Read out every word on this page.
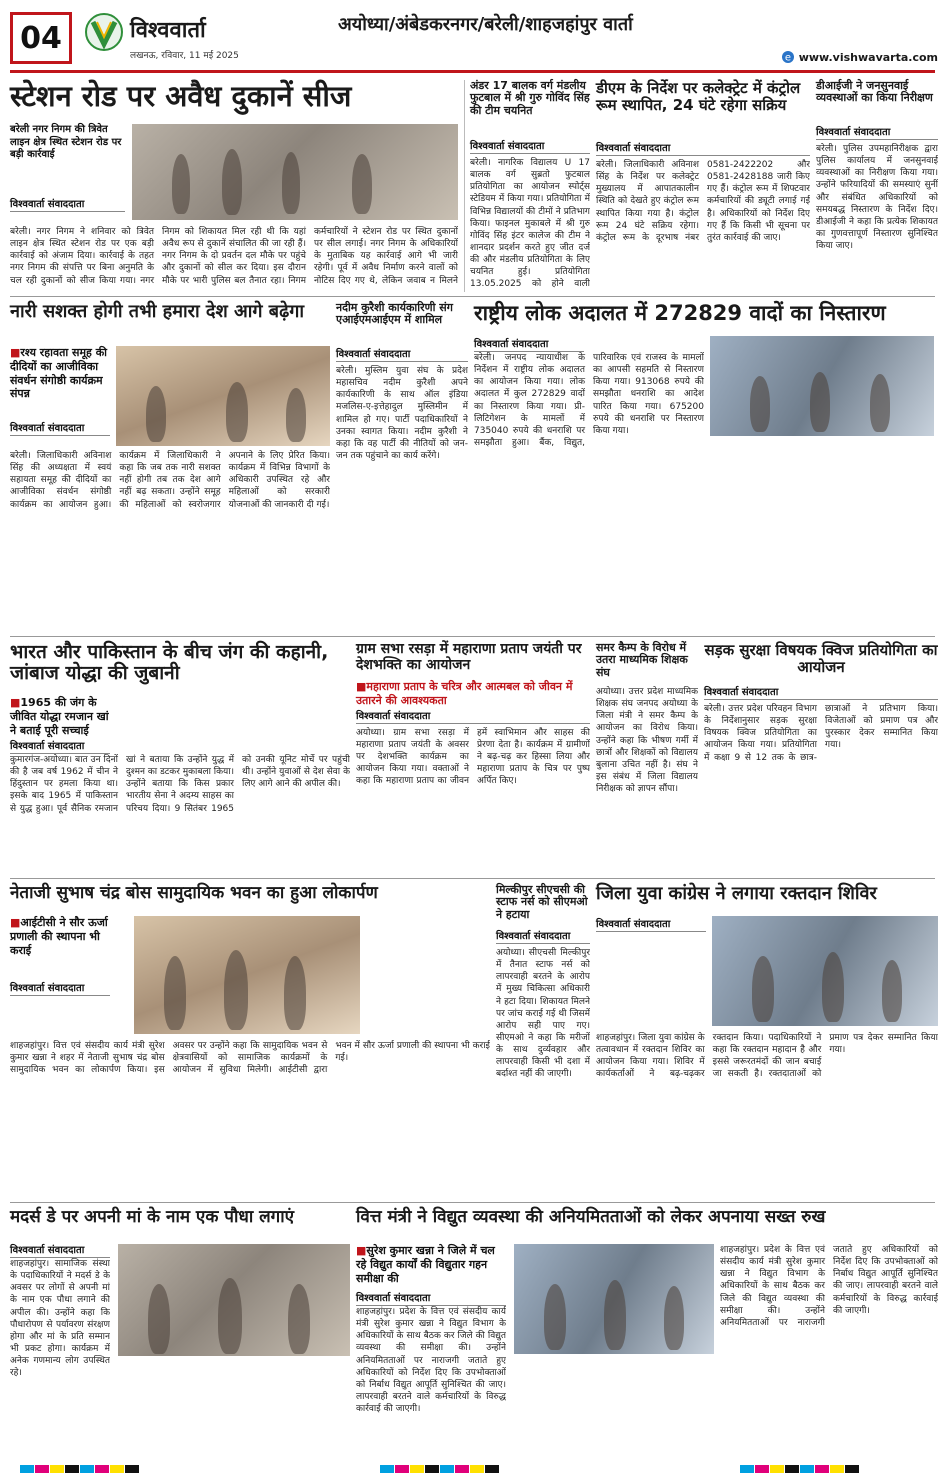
04	विश्ववार्ता
लखनऊ, रविवार, 11 मई 2025
अयोध्या/अंबेडकरनगर/बरेली/शाहजहांपुर वार्ता
e www.vishwavarta.com
स्टेशन रोड पर अवैध दुकानें सीज
बरेली नगर निगम की त्रिवेत लाइन क्षेत्र स्थित स्टेशन रोड पर बड़ी कार्रवाई
विश्ववार्ता संवाददाता
बरेली। नगर निगम ने शनिवार को त्रिवेत लाइन क्षेत्र स्थित स्टेशन रोड पर एक बड़ी कार्रवाई को अंजाम दिया। कार्रवाई के तहत नगर निगम की संपत्ति पर बिना अनुमति के चल रही दुकानों को सीज किया गया। नगर निगम को शिकायत मिल रही थी कि यहां अवैध रूप से दुकानें संचालित की जा रही हैं। नगर निगम के दो प्रवर्तन दल मौके पर पहुंचे और दुकानों को सील कर दिया। इस दौरान मौके पर भारी पुलिस बल तैनात रहा। निगम कर्मचारियों ने स्टेशन रोड पर स्थित दुकानों पर सील लगाई। नगर निगम के अधिकारियों के मुताबिक यह कार्रवाई आगे भी जारी रहेगी। पूर्व में अवैध निर्माण करने वालों को नोटिस दिए गए थे, लेकिन जवाब न मिलने
अंडर 17 बालक वर्ग मंडलीय फुटबाल में श्री गुरु गोविंद सिंह की टीम चयनित
विश्ववार्ता संवाददाता
बरेली। नागरिक विद्यालय U 17 बालक वर्ग सुब्रतो फुटबाल प्रतियोगिता का आयोजन स्पोर्ट्स स्टेडियम में किया गया। प्रतियोगिता में विभिन्न विद्यालयों की टीमों ने प्रतिभाग किया। फाइनल मुकाबले में श्री गुरु गोविंद सिंह इंटर कालेज की टीम ने शानदार प्रदर्शन करते हुए जीत दर्ज की और मंडलीय प्रतियोगिता के लिए चयनित हुई। प्रतियोगिता 13.05.2025 को होने वाली
डीएम के निर्देश पर कलेक्ट्रेट में कंट्रोल रूम स्थापित, 24 घंटे रहेगा सक्रिय
विश्ववार्ता संवाददाता
बरेली। जिलाधिकारी अविनाश सिंह के निर्देश पर कलेक्ट्रेट मुख्यालय में आपातकालीन स्थिति को देखते हुए कंट्रोल रूम स्थापित किया गया है। कंट्रोल रूम 24 घंटे सक्रिय रहेगा। कंट्रोल रूम के दूरभाष नंबर 0581-2422202 और 0581-2428188 जारी किए गए हैं। कंट्रोल रूम में शिफ्टवार कर्मचारियों की ड्यूटी लगाई गई है। अधिकारियों को निर्देश दिए गए हैं कि किसी भी सूचना पर तुरंत कार्रवाई की जाए।
डीआईजी ने जनसुनवाई व्यवस्थाओं का किया निरीक्षण
विश्ववार्ता संवाददाता
बरेली। पुलिस उपमहानिरीक्षक द्वारा पुलिस कार्यालय में जनसुनवाई व्यवस्थाओं का निरीक्षण किया गया। उन्होंने फरियादियों की समस्याएं सुनीं और संबंधित अधिकारियों को समयबद्ध निस्तारण के निर्देश दिए। डीआईजी ने कहा कि प्रत्येक शिकायत का गुणवत्तापूर्ण निस्तारण सुनिश्चित किया जाए।
नारी सशक्त होगी तभी हमारा देश आगे बढ़ेगा
■ रश्य रहावता समूह की दीदियों का आजीविका संवर्धन संगोष्ठी कार्यक्रम संपन्न
विश्ववार्ता संवाददाता
बरेली। जिलाधिकारी अविनाश सिंह की अध्यक्षता में स्वयं सहायता समूह की दीदियों का आजीविका संवर्धन संगोष्ठी कार्यक्रम का आयोजन हुआ। कार्यक्रम में जिलाधिकारी ने कहा कि जब तक नारी सशक्त नहीं होगी तब तक देश आगे नहीं बढ़ सकता। उन्होंने समूह की महिलाओं को स्वरोजगार अपनाने के लिए प्रेरित किया। कार्यक्रम में विभिन्न विभागों के अधिकारी उपस्थित रहे और महिलाओं को सरकारी योजनाओं की जानकारी दी गई।
नदीम कुरैशी कार्यकारिणी संग एआईएमआईएम में शामिल
विश्ववार्ता संवाददाता
बरेली। मुस्लिम युवा संघ के प्रदेश महासचिव नदीम कुरैशी अपने कार्यकारिणी के साथ ऑल इंडिया मजलिस-ए-इत्तेहादुल मुस्लिमीन में शामिल हो गए। पार्टी पदाधिकारियों ने उनका स्वागत किया। नदीम कुरैशी ने कहा कि वह पार्टी की नीतियों को जन-जन तक पहुंचाने का कार्य करेंगे।
राष्ट्रीय लोक अदालत में 272829 वादों का निस्तारण
विश्ववार्ता संवाददाता
बरेली। जनपद न्यायाधीश के निर्देशन में राष्ट्रीय लोक अदालत का आयोजन किया गया। लोक अदालत में कुल 272829 वादों का निस्तारण किया गया। प्री-लिटिगेशन के मामलों में 735040 रुपये की धनराशि पर समझौता हुआ। बैंक, विद्युत, पारिवारिक एवं राजस्व के मामलों का आपसी सहमति से निस्तारण किया गया। 913068 रुपये की समझौता धनराशि का आदेश पारित किया गया। 675200 रुपये की धनराशि पर निस्तारण किया गया।
भारत और पाकिस्तान के बीच जंग की कहानी, जांबाज योद्धा की जुबानी
■ 1965 की जंग के जीवित योद्धा रमजान खां ने बताई पूरी सच्चाई
विश्ववार्ता संवाददाता
कुमारगंज-अयोध्या। बात उन दिनों की है जब वर्ष 1962 में चीन ने हिंदुस्तान पर हमला किया था। इसके बाद 1965 में पाकिस्तान से युद्ध हुआ। पूर्व सैनिक रमजान खां ने बताया कि उन्होंने युद्ध में दुश्मन का डटकर मुकाबला किया। उन्होंने बताया कि किस प्रकार भारतीय सेना ने अदम्य साहस का परिचय दिया। 9 सितंबर 1965 को उनकी यूनिट मोर्चे पर पहुंची थी। उन्होंने युवाओं से देश सेवा के लिए आगे आने की अपील की।
ग्राम सभा रसड़ा में महाराणा प्रताप जयंती पर देशभक्ति का आयोजन
■ महाराणा प्रताप के चरित्र और आत्मबल को जीवन में उतारने की आवश्यकता
विश्ववार्ता संवाददाता
अयोध्या। ग्राम सभा रसड़ा में महाराणा प्रताप जयंती के अवसर पर देशभक्ति कार्यक्रम का आयोजन किया गया। वक्ताओं ने कहा कि महाराणा प्रताप का जीवन हमें स्वाभिमान और साहस की प्रेरणा देता है। कार्यक्रम में ग्रामीणों ने बढ़-चढ़ कर हिस्सा लिया और महाराणा प्रताप के चित्र पर पुष्प अर्पित किए।
समर कैम्प के विरोध में उतरा माध्यमिक शिक्षक संघ
अयोध्या। उत्तर प्रदेश माध्यमिक शिक्षक संघ जनपद अयोध्या के जिला मंत्री ने समर कैम्प के आयोजन का विरोध किया। उन्होंने कहा कि भीषण गर्मी में छात्रों और शिक्षकों को विद्यालय बुलाना उचित नहीं है। संघ ने इस संबंध में जिला विद्यालय निरीक्षक को ज्ञापन सौंपा।
सड़क सुरक्षा विषयक क्विज प्रतियोगिता का आयोजन
विश्ववार्ता संवाददाता
बरेली। उत्तर प्रदेश परिवहन विभाग के निर्देशानुसार सड़क सुरक्षा विषयक क्विज प्रतियोगिता का आयोजन किया गया। प्रतियोगिता में कक्षा 9 से 12 तक के छात्र-छात्राओं ने प्रतिभाग किया। विजेताओं को प्रमाण पत्र और पुरस्कार देकर सम्मानित किया गया।
नेताजी सुभाष चंद्र बोस सामुदायिक भवन का हुआ लोकार्पण
■ आईटीसी ने सौर ऊर्जा प्रणाली की स्थापना भी कराई
विश्ववार्ता संवाददाता
शाहजहांपुर। वित्त एवं संसदीय कार्य मंत्री सुरेश कुमार खन्ना ने शहर में नेताजी सुभाष चंद्र बोस सामुदायिक भवन का लोकार्पण किया। इस अवसर पर उन्होंने कहा कि सामुदायिक भवन से क्षेत्रवासियों को सामाजिक कार्यक्रमों के आयोजन में सुविधा मिलेगी। आईटीसी द्वारा भवन में सौर ऊर्जा प्रणाली की स्थापना भी कराई गई।
मिल्कीपुर सीएचसी की स्टाफ नर्स को सीएमओ ने हटाया
विश्ववार्ता संवाददाता
अयोध्या। सीएचसी मिल्कीपुर में तैनात स्टाफ नर्स को लापरवाही बरतने के आरोप में मुख्य चिकित्सा अधिकारी ने हटा दिया। शिकायत मिलने पर जांच कराई गई थी जिसमें आरोप सही पाए गए। सीएमओ ने कहा कि मरीजों के साथ दुर्व्यवहार और लापरवाही किसी भी दशा में बर्दाश्त नहीं की जाएगी।
जिला युवा कांग्रेस ने लगाया रक्तदान शिविर
विश्ववार्ता संवाददाता
शाहजहांपुर। जिला युवा कांग्रेस के तत्वावधान में रक्तदान शिविर का आयोजन किया गया। शिविर में कार्यकर्ताओं ने बढ़-चढ़कर रक्तदान किया। पदाधिकारियों ने कहा कि रक्तदान महादान है और इससे जरूरतमंदों की जान बचाई जा सकती है। रक्तदाताओं को प्रमाण पत्र देकर सम्मानित किया गया।
मदर्स डे पर अपनी मां के नाम एक पौधा लगाएं
विश्ववार्ता संवाददाता
शाहजहांपुर। सामाजिक संस्था के पदाधिकारियों ने मदर्स डे के अवसर पर लोगों से अपनी मां के नाम एक पौधा लगाने की अपील की। उन्होंने कहा कि पौधारोपण से पर्यावरण संरक्षण होगा और मां के प्रति सम्मान भी प्रकट होगा। कार्यक्रम में अनेक गणमान्य लोग उपस्थित रहे।
वित्त मंत्री ने विद्युत व्यवस्था की अनियमितताओं को लेकर अपनाया सख्त रुख
■ सुरेश कुमार खन्ना ने जिले में चल रहे विद्युत कार्यों की विद्युतार गहन समीक्षा की
विश्ववार्ता संवाददाता
शाहजहांपुर। प्रदेश के वित्त एवं संसदीय कार्य मंत्री सुरेश कुमार खन्ना ने विद्युत विभाग के अधिकारियों के साथ बैठक कर जिले की विद्युत व्यवस्था की समीक्षा की। उन्होंने अनियमितताओं पर नाराजगी जताते हुए अधिकारियों को निर्देश दिए कि उपभोक्ताओं को निर्बाध विद्युत आपूर्ति सुनिश्चित की जाए। लापरवाही बरतने वाले कर्मचारियों के विरुद्ध कार्रवाई की जाएगी।
शाहजहांपुर। प्रदेश के वित्त एवं संसदीय कार्य मंत्री सुरेश कुमार खन्ना ने विद्युत विभाग के अधिकारियों के साथ बैठक कर जिले की विद्युत व्यवस्था की समीक्षा की। उन्होंने अनियमितताओं पर नाराजगी जताते हुए अधिकारियों को निर्देश दिए कि उपभोक्ताओं को निर्बाध विद्युत आपूर्ति सुनिश्चित की जाए। लापरवाही बरतने वाले कर्मचारियों के विरुद्ध कार्रवाई की जाएगी।
